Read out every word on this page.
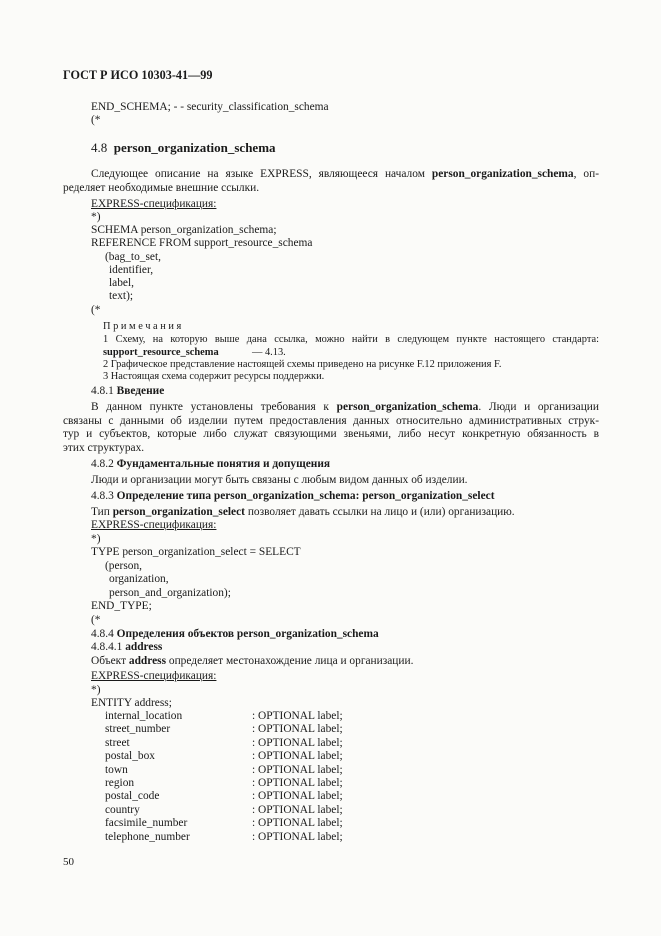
ГОСТ Р ИСО 10303-41—99
END_SCHEMA; - - security_classification_schema
(*
4.8 person_organization_schema
Следующее описание на языке EXPRESS, являющееся началом person_organization_schema, оп-
ределяет необходимые внешние ссылки.
EXPRESS-спецификация:
*)
SCHEMA person_organization_schema;
REFERENCE FROM support_resource_schema
(bag_to_set,
identifier,
label,
text);
(*
Примечания
1 Схему, на которую выше дана ссылка, можно найти в следующем пункте настоящего стандарта:
support_resource_schema	— 4.13.
2 Графическое представление настоящей схемы приведено на рисунке F.12 приложения F.
3 Настоящая схема содержит ресурсы поддержки.
4.8.1 Введение
В данном пункте установлены требования к person_organization_schema. Люди и организации
связаны с данными об изделии путем предоставления данных относительно административных струк-
тур и субъектов, которые либо служат связующими звеньями, либо несут конкретную обязанность в
этих структурах.
4.8.2 Фундаментальные понятия и допущения
Люди и организации могут быть связаны с любым видом данных об изделии.
4.8.3 Определение типа person_organization_schema: person_organization_select
Тип person_organization_select позволяет давать ссылки на лицо и (или) организацию.
EXPRESS-спецификация:
*)
TYPE person_organization_select = SELECT
(person,
organization,
person_and_organization);
END_TYPE;
(*
4.8.4 Определения объектов person_organization_schema
4.8.4.1 address
Объект address определяет местонахождение лица и организации.
EXPRESS-спецификация:
*)
ENTITY address;
internal_location	: OPTIONAL label;
street_number	: OPTIONAL label;
street	: OPTIONAL label;
postal_box	: OPTIONAL label;
town	: OPTIONAL label;
region	: OPTIONAL label;
postal_code	: OPTIONAL label;
country	: OPTIONAL label;
facsimile_number	: OPTIONAL label;
telephone_number	: OPTIONAL label;
50
